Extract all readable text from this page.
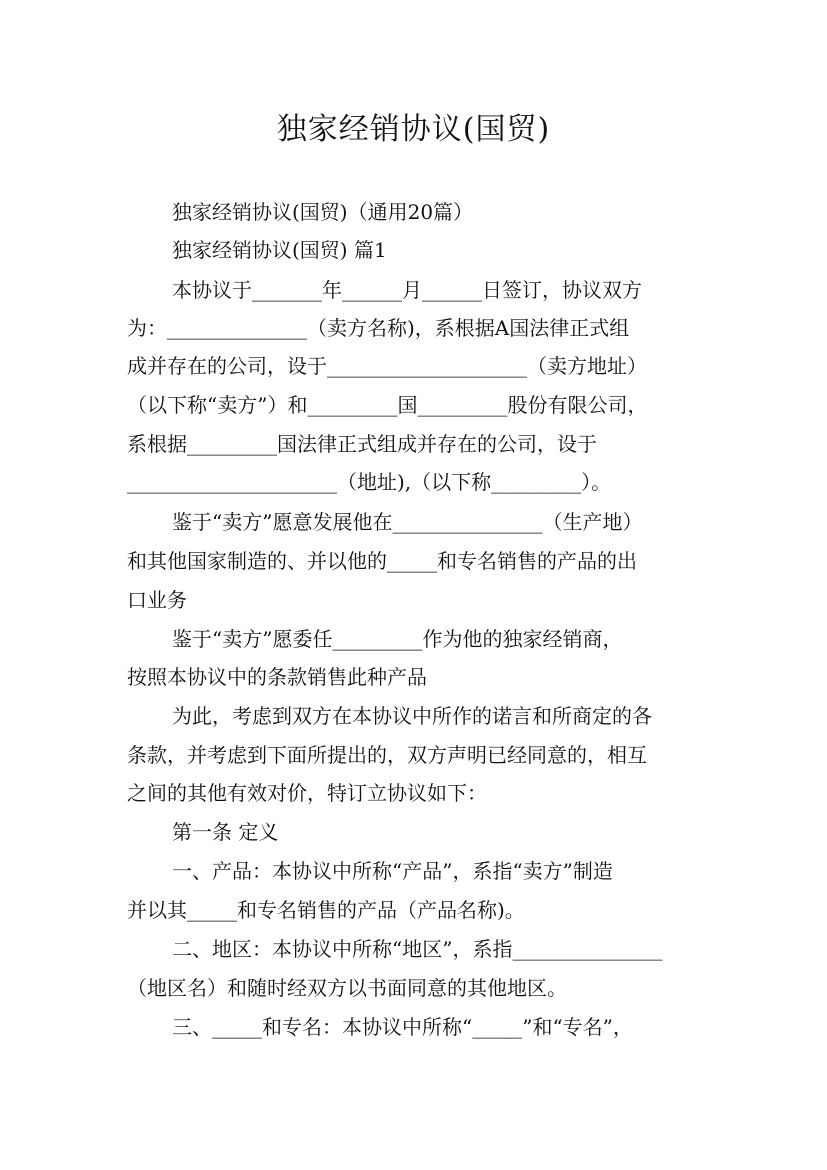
独家经销协议(国贸)
独家经销协议(国贸)（通用20篇）
独家经销协议(国贸) 篇1
本协议于_______年______月______日签订，协议双方
为：______________（卖方名称)，系根据A国法律正式组
成并存在的公司，设于____________________（卖方地址）
（以下称“卖方”）和_________国_________股份有限公司，
系根据_________国法律正式组成并存在的公司，设于
_____________________（地址),（以下称_________）。
鉴于“卖方”愿意发展他在_______________（生产地）
和其他国家制造的、并以他的_____和专名销售的产品的出
口业务
鉴于“卖方”愿委任_________作为他的独家经销商，
按照本协议中的条款销售此种产品
为此，考虑到双方在本协议中所作的诺言和所商定的各
条款，并考虑到下面所提出的，双方声明已经同意的，相互
之间的其他有效对价，特订立协议如下：
第一条 定义
一、产品：本协议中所称“产品”，系指“卖方”制造
并以其_____和专名销售的产品（产品名称)。
二、地区：本协议中所称“地区”，系指_______________
（地区名）和随时经双方以书面同意的其他地区。
三、_____和专名：本协议中所称“_____”和“专名”，
